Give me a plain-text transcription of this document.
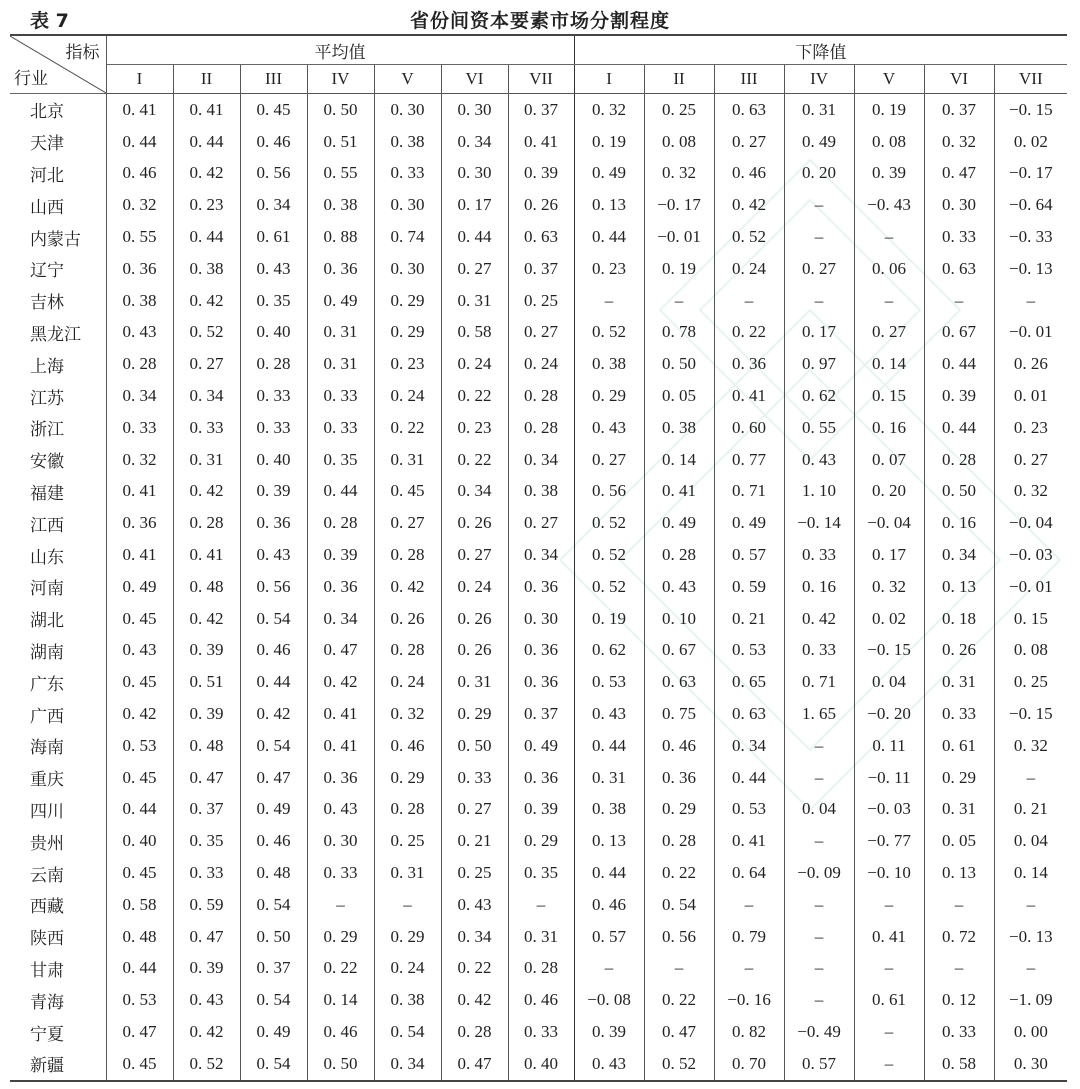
表 7	省份间资本要素市场分割程度
指标
行业	平均值							下降值						
	I	II	III	IV	V	VI	VII	I	II	III	IV	V	VI	VII
北京	0. 41	0. 41	0. 45	0. 50	0. 30	0. 30	0. 37	0. 32	0. 25	0. 63	0. 31	0. 19	0. 37	−0. 15
天津	0. 44	0. 44	0. 46	0. 51	0. 38	0. 34	0. 41	0. 19	0. 08	0. 27	0. 49	0. 08	0. 32	0. 02
河北	0. 46	0. 42	0. 56	0. 55	0. 33	0. 30	0. 39	0. 49	0. 32	0. 46	0. 20	0. 39	0. 47	−0. 17
山西	0. 32	0. 23	0. 34	0. 38	0. 30	0. 17	0. 26	0. 13	−0. 17	0. 42	–	−0. 43	0. 30	−0. 64
内蒙古	0. 55	0. 44	0. 61	0. 88	0. 74	0. 44	0. 63	0. 44	−0. 01	0. 52	–	–	0. 33	−0. 33
辽宁	0. 36	0. 38	0. 43	0. 36	0. 30	0. 27	0. 37	0. 23	0. 19	0. 24	0. 27	0. 06	0. 63	−0. 13
吉林	0. 38	0. 42	0. 35	0. 49	0. 29	0. 31	0. 25	–	–	–	–	–	–	–
黑龙江	0. 43	0. 52	0. 40	0. 31	0. 29	0. 58	0. 27	0. 52	0. 78	0. 22	0. 17	0. 27	0. 67	−0. 01
上海	0. 28	0. 27	0. 28	0. 31	0. 23	0. 24	0. 24	0. 38	0. 50	0. 36	0. 97	0. 14	0. 44	0. 26
江苏	0. 34	0. 34	0. 33	0. 33	0. 24	0. 22	0. 28	0. 29	0. 05	0. 41	0. 62	0. 15	0. 39	0. 01
浙江	0. 33	0. 33	0. 33	0. 33	0. 22	0. 23	0. 28	0. 43	0. 38	0. 60	0. 55	0. 16	0. 44	0. 23
安徽	0. 32	0. 31	0. 40	0. 35	0. 31	0. 22	0. 34	0. 27	0. 14	0. 77	0. 43	0. 07	0. 28	0. 27
福建	0. 41	0. 42	0. 39	0. 44	0. 45	0. 34	0. 38	0. 56	0. 41	0. 71	1. 10	0. 20	0. 50	0. 32
江西	0. 36	0. 28	0. 36	0. 28	0. 27	0. 26	0. 27	0. 52	0. 49	0. 49	−0. 14	−0. 04	0. 16	−0. 04
山东	0. 41	0. 41	0. 43	0. 39	0. 28	0. 27	0. 34	0. 52	0. 28	0. 57	0. 33	0. 17	0. 34	−0. 03
河南	0. 49	0. 48	0. 56	0. 36	0. 42	0. 24	0. 36	0. 52	0. 43	0. 59	0. 16	0. 32	0. 13	−0. 01
湖北	0. 45	0. 42	0. 54	0. 34	0. 26	0. 26	0. 30	0. 19	0. 10	0. 21	0. 42	0. 02	0. 18	0. 15
湖南	0. 43	0. 39	0. 46	0. 47	0. 28	0. 26	0. 36	0. 62	0. 67	0. 53	0. 33	−0. 15	0. 26	0. 08
广东	0. 45	0. 51	0. 44	0. 42	0. 24	0. 31	0. 36	0. 53	0. 63	0. 65	0. 71	0. 04	0. 31	0. 25
广西	0. 42	0. 39	0. 42	0. 41	0. 32	0. 29	0. 37	0. 43	0. 75	0. 63	1. 65	−0. 20	0. 33	−0. 15
海南	0. 53	0. 48	0. 54	0. 41	0. 46	0. 50	0. 49	0. 44	0. 46	0. 34	–	0. 11	0. 61	0. 32
重庆	0. 45	0. 47	0. 47	0. 36	0. 29	0. 33	0. 36	0. 31	0. 36	0. 44	–	−0. 11	0. 29	–
四川	0. 44	0. 37	0. 49	0. 43	0. 28	0. 27	0. 39	0. 38	0. 29	0. 53	0. 04	−0. 03	0. 31	0. 21
贵州	0. 40	0. 35	0. 46	0. 30	0. 25	0. 21	0. 29	0. 13	0. 28	0. 41	–	−0. 77	0. 05	0. 04
云南	0. 45	0. 33	0. 48	0. 33	0. 31	0. 25	0. 35	0. 44	0. 22	0. 64	−0. 09	−0. 10	0. 13	0. 14
西藏	0. 58	0. 59	0. 54	–	–	0. 43	–	0. 46	0. 54	–	–	–	–	–
陕西	0. 48	0. 47	0. 50	0. 29	0. 29	0. 34	0. 31	0. 57	0. 56	0. 79	–	0. 41	0. 72	−0. 13
甘肃	0. 44	0. 39	0. 37	0. 22	0. 24	0. 22	0. 28	–	–	–	–	–	–	–
青海	0. 53	0. 43	0. 54	0. 14	0. 38	0. 42	0. 46	−0. 08	0. 22	−0. 16	–	0. 61	0. 12	−1. 09
宁夏	0. 47	0. 42	0. 49	0. 46	0. 54	0. 28	0. 33	0. 39	0. 47	0. 82	−0. 49	–	0. 33	0. 00
新疆	0. 45	0. 52	0. 54	0. 50	0. 34	0. 47	0. 40	0. 43	0. 52	0. 70	0. 57	–	0. 58	0. 30
